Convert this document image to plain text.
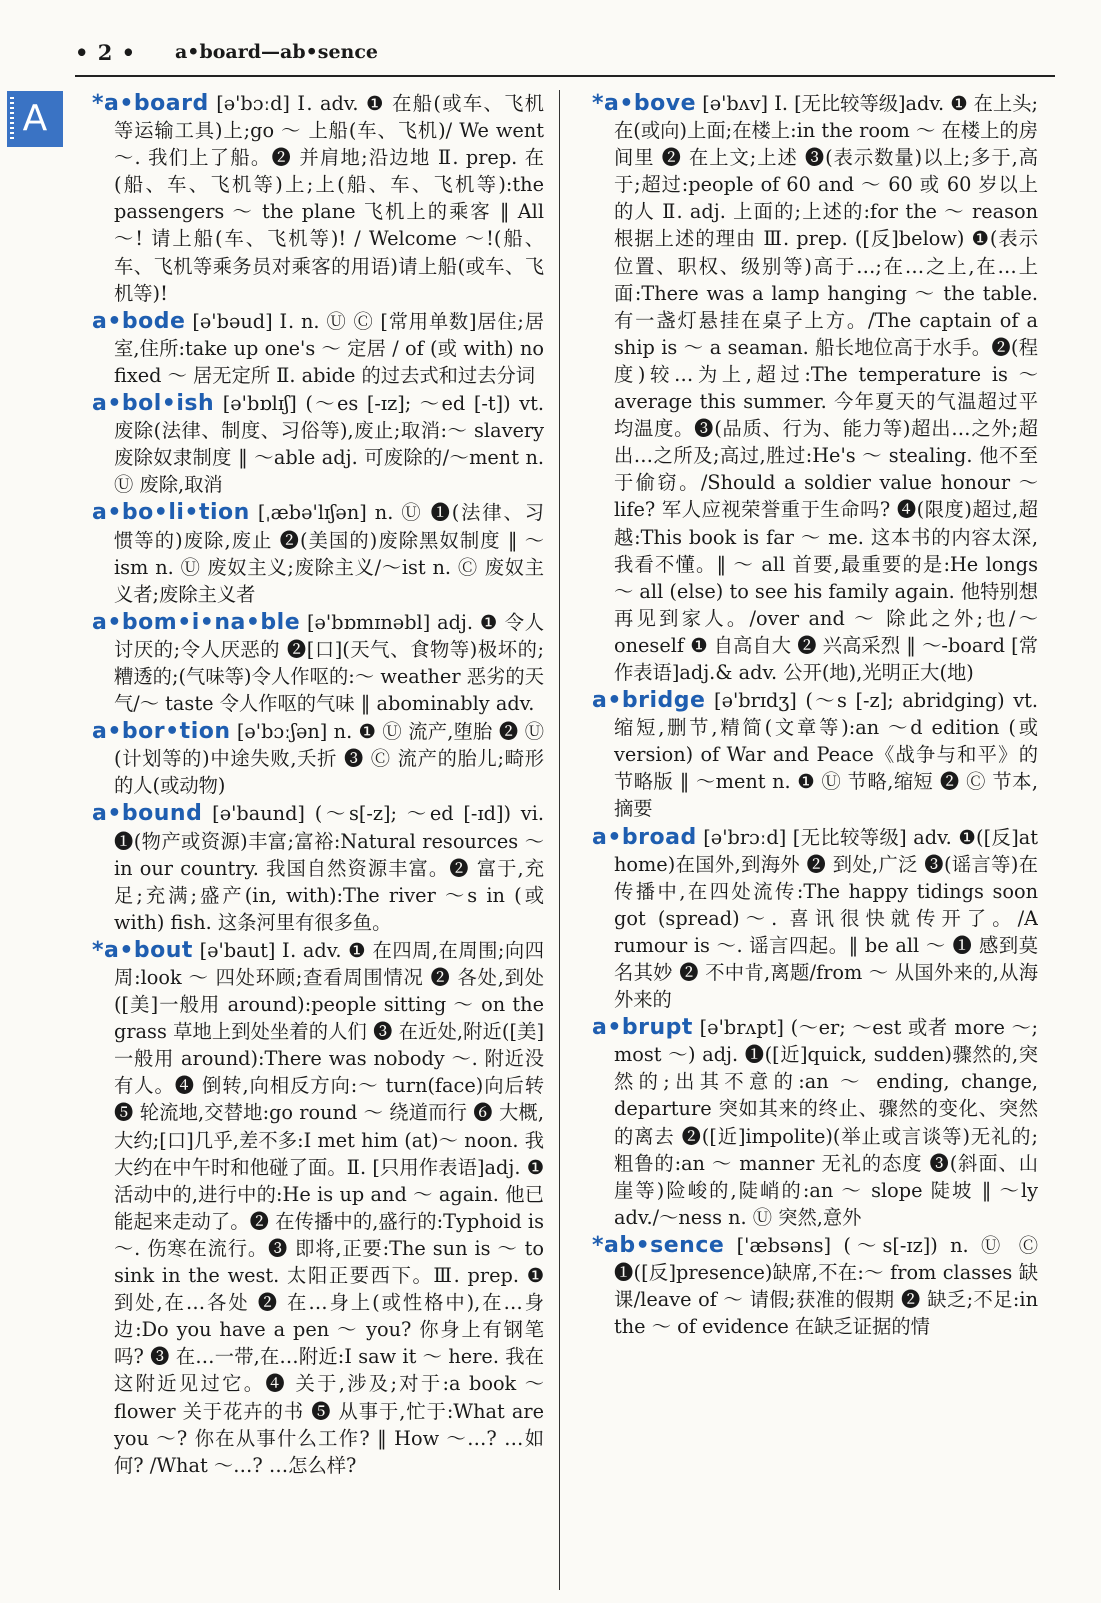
• 2 • a•board—ab•sence
A	*a•board [ə'bɔːd] Ⅰ. adv. ❶ 在船(或车、飞机等运输工具)上;go ～ 上船(车、飞机)/ We went ～. 我们上了船。❷ 并肩地;沿边地 Ⅱ. prep. 在(船、车、飞机等)上;上(船、车、飞机等):the passengers ～ the plane 飞机上的乘客 ‖ All ～! 请上船(车、飞机等)! / Welcome ～!(船、车、飞机等乘务员对乘客的用语)请上船(或车、飞机等)!

a•bode [ə'bəud] Ⅰ. n. Ⓤ Ⓒ [常用单数]居住;居室,住所:take up one's ～ 定居 / of (或 with) no fixed ～ 居无定所 Ⅱ. abide 的过去式和过去分词

a•bol•ish [ə'bɒlɪʃ] (～es [-ɪz]; ～ed [-t]) vt. 废除(法律、制度、习俗等),废止;取消:～ slavery 废除奴隶制度 ‖ ～able adj. 可废除的/～ment n. Ⓤ 废除,取消

a•bo•li•tion [ˌæbə'lɪʃən] n. Ⓤ ❶(法律、习惯等的)废除,废止 ❷(美国的)废除黑奴制度 ‖ ～ism n. Ⓤ 废奴主义;废除主义/～ist n. Ⓒ 废奴主义者;废除主义者

a•bom•i•na•ble [ə'bɒmɪnəbl] adj. ❶ 令人讨厌的;令人厌恶的 ❷[口](天气、食物等)极坏的;糟透的;(气味等)令人作呕的:～ weather 恶劣的天气/～ taste 令人作呕的气味 ‖ abominably adv.

a•bor•tion [ə'bɔːʃən] n. ❶ Ⓤ 流产,堕胎 ❷ Ⓤ (计划等的)中途失败,夭折 ❸ Ⓒ 流产的胎儿;畸形的人(或动物)

a•bound [ə'baund] (～s[-z]; ～ed [-ɪd]) vi. ❶(物产或资源)丰富;富裕:Natural resources ～ in our country. 我国自然资源丰富。❷ 富于,充足;充满;盛产(in, with):The river ～s in (或 with) fish. 这条河里有很多鱼。

*a•bout [ə'baut] Ⅰ. adv. ❶ 在四周,在周围;向四周:look ～ 四处环顾;查看周围情况 ❷ 各处,到处([美]一般用 around):people sitting ～ on the grass 草地上到处坐着的人们 ❸ 在近处,附近([美]一般用 around):There was nobody ～. 附近没有人。❹ 倒转,向相反方向:～ turn(face)向后转 ❺ 轮流地,交替地:go round ～ 绕道而行 ❻ 大概,大约;[口]几乎,差不多:I met him (at)～ noon. 我大约在中午时和他碰了面。Ⅱ. [只用作表语]adj. ❶ 活动中的,进行中的:He is up and ～ again. 他已能起来走动了。❷ 在传播中的,盛行的:Typhoid is ～. 伤寒在流行。❸ 即将,正要:The sun is ～ to sink in the west. 太阳正要西下。Ⅲ. prep. ❶ 到处,在…各处 ❷ 在…身上(或性格中),在…身边:Do you have a pen ～ you? 你身上有钢笔吗? ❸ 在…一带,在…附近:I saw it ～ here. 我在这附近见过它。❹ 关于,涉及;对于:a book ～ flower 关于花卉的书 ❺ 从事于,忙于:What are you ～? 你在从事什么工作? ‖ How ～…? …如何? /What ～…? …怎么样?

*a•bove [ə'bʌv] Ⅰ. [无比较等级]adv. ❶ 在上头;在(或向)上面;在楼上:in the room ～ 在楼上的房间里 ❷ 在上文;上述 ❸(表示数量)以上;多于,高于;超过:people of 60 and ～ 60 或 60 岁以上的人 Ⅱ. adj. 上面的;上述的:for the ～ reason 根据上述的理由 Ⅲ. prep. ([反]below) ❶(表示位置、职权、级别等)高于…;在…之上,在…上面:There was a lamp hanging ～ the table. 有一盏灯悬挂在桌子上方。/The captain of a ship is ～ a seaman. 船长地位高于水手。❷(程度)较…为上,超过:The temperature is ～ average this summer. 今年夏天的气温超过平均温度。❸(品质、行为、能力等)超出…之外;超出…之所及;高过,胜过:He's ～ stealing. 他不至于偷窃。/Should a soldier value honour ～ life? 军人应视荣誉重于生命吗? ❹(限度)超过,超越:This book is far ～ me. 这本书的内容太深,我看不懂。‖ ～ all 首要,最重要的是:He longs ～ all (else) to see his family again. 他特别想再见到家人。/over and ～ 除此之外;也/～ oneself ❶ 自高自大 ❷ 兴高采烈 ‖ ～-board [常作表语]adj.& adv. 公开(地),光明正大(地)

a•bridge [ə'brɪdʒ] (～s [-z]; abridging) vt. 缩短,删节,精简(文章等):an ～d edition (或 version) of War and Peace《战争与和平》的节略版 ‖ ～ment n. ❶ Ⓤ 节略,缩短 ❷ Ⓒ 节本,摘要

a•broad [ə'brɔːd] [无比较等级] adv. ❶([反]at home)在国外,到海外 ❷ 到处,广泛 ❸(谣言等)在传播中,在四处流传:The happy tidings soon got (spread)～. 喜讯很快就传开了。/A rumour is ～. 谣言四起。‖ be all ～ ❶ 感到莫名其妙 ❷ 不中肯,离题/from ～ 从国外来的,从海外来的

a•brupt [ə'brʌpt] (～er; ～est 或者 more ～; most ～) adj. ❶([近]quick, sudden)骤然的,突然的;出其不意的:an ～ ending, change, departure 突如其来的终止、骤然的变化、突然的离去 ❷([近]impolite)(举止或言谈等)无礼的;粗鲁的:an ～ manner 无礼的态度 ❸(斜面、山崖等)险峻的,陡峭的:an ～ slope 陡坡 ‖ ～ly adv./～ness n. Ⓤ 突然,意外

*ab•sence ['æbsəns] (～s[-ɪz]) n. Ⓤ Ⓒ ❶([反]presence)缺席,不在:～ from classes 缺课/leave of ～ 请假;获准的假期 ❷ 缺乏;不足:in the ～ of evidence 在缺乏证据的情
